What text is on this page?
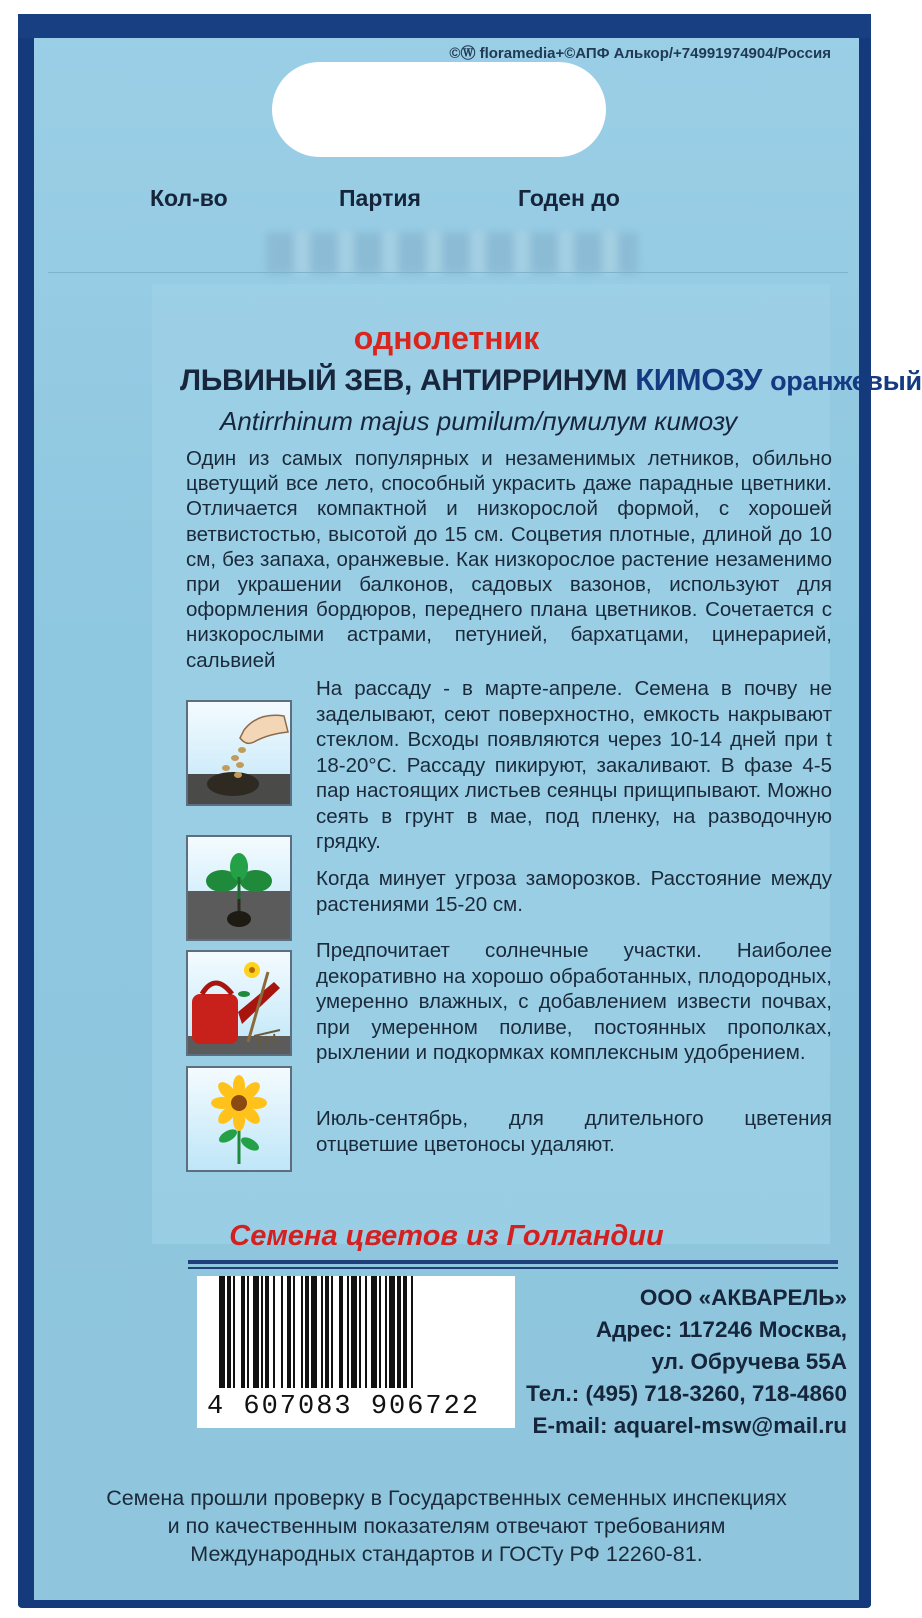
©Ⓦ floramedia+©АПФ Алькор/+74991974904/Россия
Кол-во	Партия	Годен до
однолетник
ЛЬВИНЫЙ ЗЕВ, АНТИРРИНУМ КИМОЗУ оранжевый
Antirrhinum majus pumilum/пумилум кимозу
Один из самых популярных и незаменимых летников, обильно цветущий все лето, способный украсить даже парадные цветники. Отличается компактной и низкорослой формой, с хорошей ветвистостью, высотой до 15 см. Соцветия плотные, длиной до 10 см, без запаха, оранжевые. Как низкорослое растение незаменимо при украшении балконов, садовых вазонов, используют для оформления бордюров, переднего плана цветников. Сочетается с низкорослыми астрами, петунией, бархатцами, цинерарией, сальвией
На рассаду - в марте-апреле. Семена в почву не заделывают, сеют поверхностно, емкость накрывают стеклом. Всходы появляются через 10-14 дней при t 18-20°С. Рассаду пикируют, закаливают. В фазе 4-5 пар настоящих листьев сеянцы прищипывают. Можно сеять в грунт в мае, под пленку, на разводочную грядку.
Когда минует угроза заморозков. Расстояние между растениями 15-20 см.
Предпочитает солнечные участки. Наиболее декоративно на хорошо обработанных, плодородных, умеренно влажных, с добавлением извести почвах, при умеренном поливе, постоянных прополках, рыхлении и подкормках комплексным удобрением.
Июль-сентябрь, для длительного цветения отцветшие цветоносы удаляют.
Семена цветов из Голландии
4 607083 906722
ООО «АКВАРЕЛЬ»
Адрес: 117246 Москва,
ул. Обручева 55А
Тел.: (495) 718-3260, 718-4860
E-mail: aquarel-msw@mail.ru
Семена прошли проверку в Государственных семенных инспекциях
и по качественным показателям отвечают требованиям
Международных стандартов и ГОСТу РФ 12260-81.
